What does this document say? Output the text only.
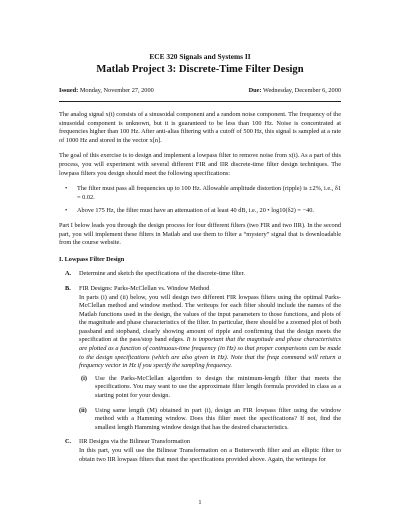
ECE 320 Signals and Systems II
Matlab Project 3: Discrete-Time Filter Design
Issued: Monday, November 27, 2000	Due: Wednesday, December 6, 2000

The analog signal x(t) consists of a sinusoidal component and a random noise component. The frequency of the sinusoidal component is unknown, but it is guaranteed to be less than 100 Hz. Noise is concentrated at frequencies higher than 100 Hz. After anti-alias filtering with a cutoff of 500 Hz, this signal is sampled at a rate of 1000 Hz and stored in the vector x[n].

The goal of this exercise is to design and implement a lowpass filter to remove noise from x(t). As a part of this process, you will experiment with several different FIR and IIR discrete-time filter design techniques. The lowpass filters you design should meet the following specifications:

• The filter must pass all frequencies up to 100 Hz. Allowable amplitude distortion (ripple) is ±2%, i.e., δ1 = 0.02.
• Above 175 Hz, the filter must have an attenuation of at least 40 dB, i.e., 20 • log10(δ2) = −40.

Part I below leads you through the design process for four different filters (two FIR and two IIR). In the second part, you will implement these filters in Matlab and use them to filter a “mystery” signal that is downloadable from the course website.

I. Lowpass Filter Design
A. Determine and sketch the specifications of the discrete-time filter.
B. FIR Designs: Parks-McClellan vs. Window Method
In parts (i) and (ii) below, you will design two different FIR lowpass filters using the optimal Parks-McClellan method and window method. The writeups for each filter should include the names of the Matlab functions used in the design, the values of the input parameters to those functions, and plots of the magnitude and phase characteristics of the filter. In particular, there should be a zoomed plot of both passband and stopband, clearly showing amount of ripple and confirming that the design meets the specification at the pass/stop band edges. It is important that the magnitude and phase characteristics are plotted as a function of continuous-time frequency (in Hz) so that proper comparisons can be made to the design specifications (which are also given in Hz). Note that the freqz command will return a frequency vector in Hz if you specify the sampling frequency.
(i) Use the Parks-McClellan algorithm to design the minimum-length filter that meets the specifications. You may want to use the approximate filter length formula provided in class as a starting point for your design.
(ii) Using same length (M) obtained in part (i), design an FIR lowpass filter using the window method with a Hamming window. Does this filter meet the specifications? If not, find the smallest length Hamming window design that has the desired characteristics.
C. IIR Designs via the Bilinear Transformation
In this part, you will use the Bilinear Transformation on a Butterworth filter and an elliptic filter to obtain two IIR lowpass filters that meet the specifications provided above. Again, the writeups for
1
